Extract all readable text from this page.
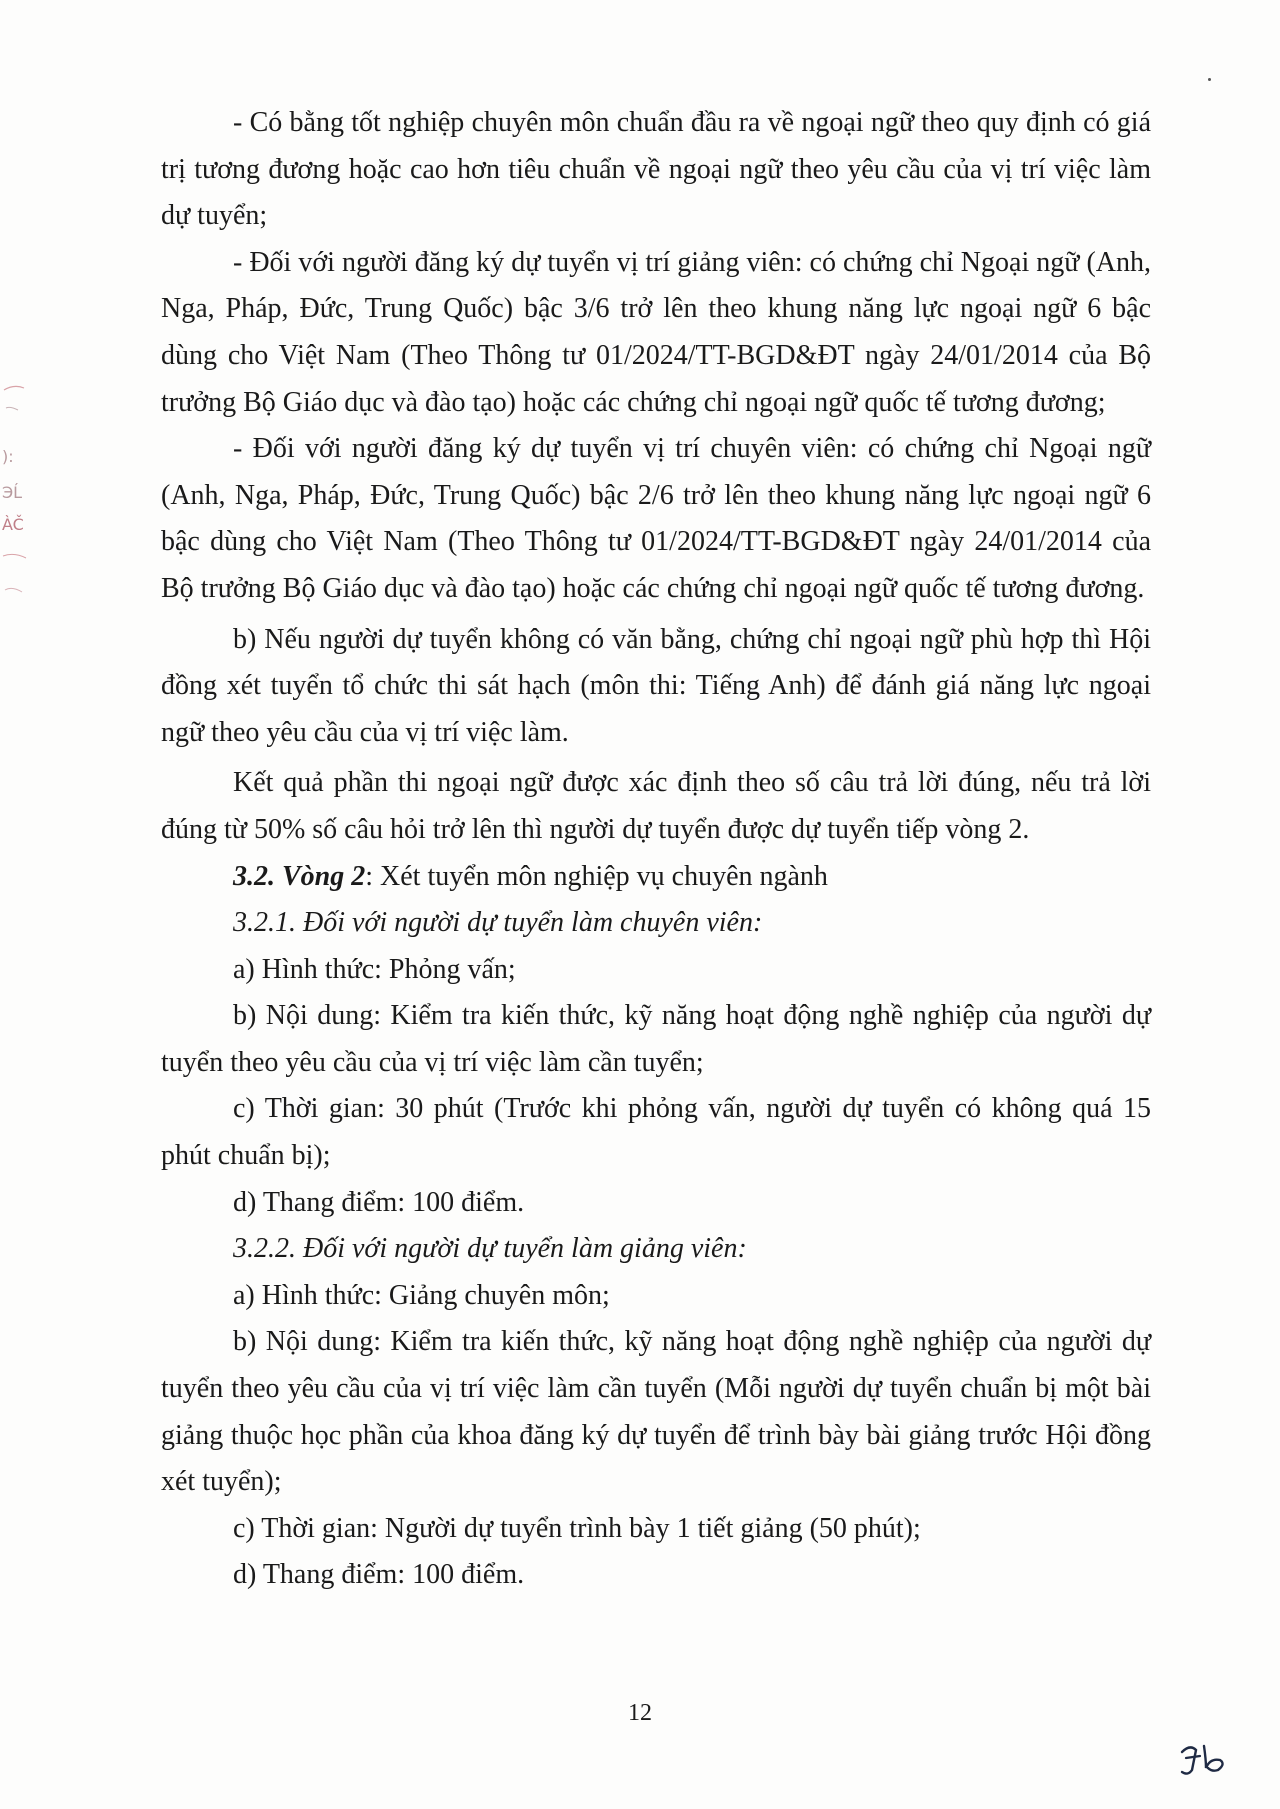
):
ЭĹ
ÀČ

- Có bằng tốt nghiệp chuyên môn chuẩn đầu ra về ngoại ngữ theo quy định có giá trị tương đương hoặc cao hơn tiêu chuẩn về ngoại ngữ theo yêu cầu của vị trí việc làm dự tuyển;

- Đối với người đăng ký dự tuyển vị trí giảng viên: có chứng chỉ Ngoại ngữ (Anh, Nga, Pháp, Đức, Trung Quốc) bậc 3/6 trở lên theo khung năng lực ngoại ngữ 6 bậc dùng cho Việt Nam (Theo Thông tư 01/2024/TT-BGD&ĐT ngày 24/01/2014 của Bộ trưởng Bộ Giáo dục và đào tạo) hoặc các chứng chỉ ngoại ngữ quốc tế tương đương;

- Đối với người đăng ký dự tuyển vị trí chuyên viên: có chứng chỉ Ngoại ngữ (Anh, Nga, Pháp, Đức, Trung Quốc) bậc 2/6 trở lên theo khung năng lực ngoại ngữ 6 bậc dùng cho Việt Nam (Theo Thông tư 01/2024/TT-BGD&ĐT ngày 24/01/2014 của Bộ trưởng Bộ Giáo dục và đào tạo) hoặc các chứng chỉ ngoại ngữ quốc tế tương đương.

b) Nếu người dự tuyển không có văn bằng, chứng chỉ ngoại ngữ phù hợp thì Hội đồng xét tuyển tổ chức thi sát hạch (môn thi: Tiếng Anh) để đánh giá năng lực ngoại ngữ theo yêu cầu của vị trí việc làm.

Kết quả phần thi ngoại ngữ được xác định theo số câu trả lời đúng, nếu trả lời đúng từ 50% số câu hỏi trở lên thì người dự tuyển được dự tuyển tiếp vòng 2.

3.2. Vòng 2: Xét tuyển môn nghiệp vụ chuyên ngành

3.2.1. Đối với người dự tuyển làm chuyên viên:

a) Hình thức: Phỏng vấn;

b) Nội dung: Kiểm tra kiến thức, kỹ năng hoạt động nghề nghiệp của người dự tuyển theo yêu cầu của vị trí việc làm cần tuyển;

c) Thời gian: 30 phút (Trước khi phỏng vấn, người dự tuyển có không quá 15 phút chuẩn bị);

d) Thang điểm: 100 điểm.

3.2.2. Đối với người dự tuyển làm giảng viên:

a) Hình thức: Giảng chuyên môn;

b) Nội dung: Kiểm tra kiến thức, kỹ năng hoạt động nghề nghiệp của người dự tuyển theo yêu cầu của vị trí việc làm cần tuyển (Mỗi người dự tuyển chuẩn bị một bài giảng thuộc học phần của khoa đăng ký dự tuyển để trình bày bài giảng trước Hội đồng xét tuyển);

c) Thời gian: Người dự tuyển trình bày 1 tiết giảng (50 phút);

d) Thang điểm: 100 điểm.

12
